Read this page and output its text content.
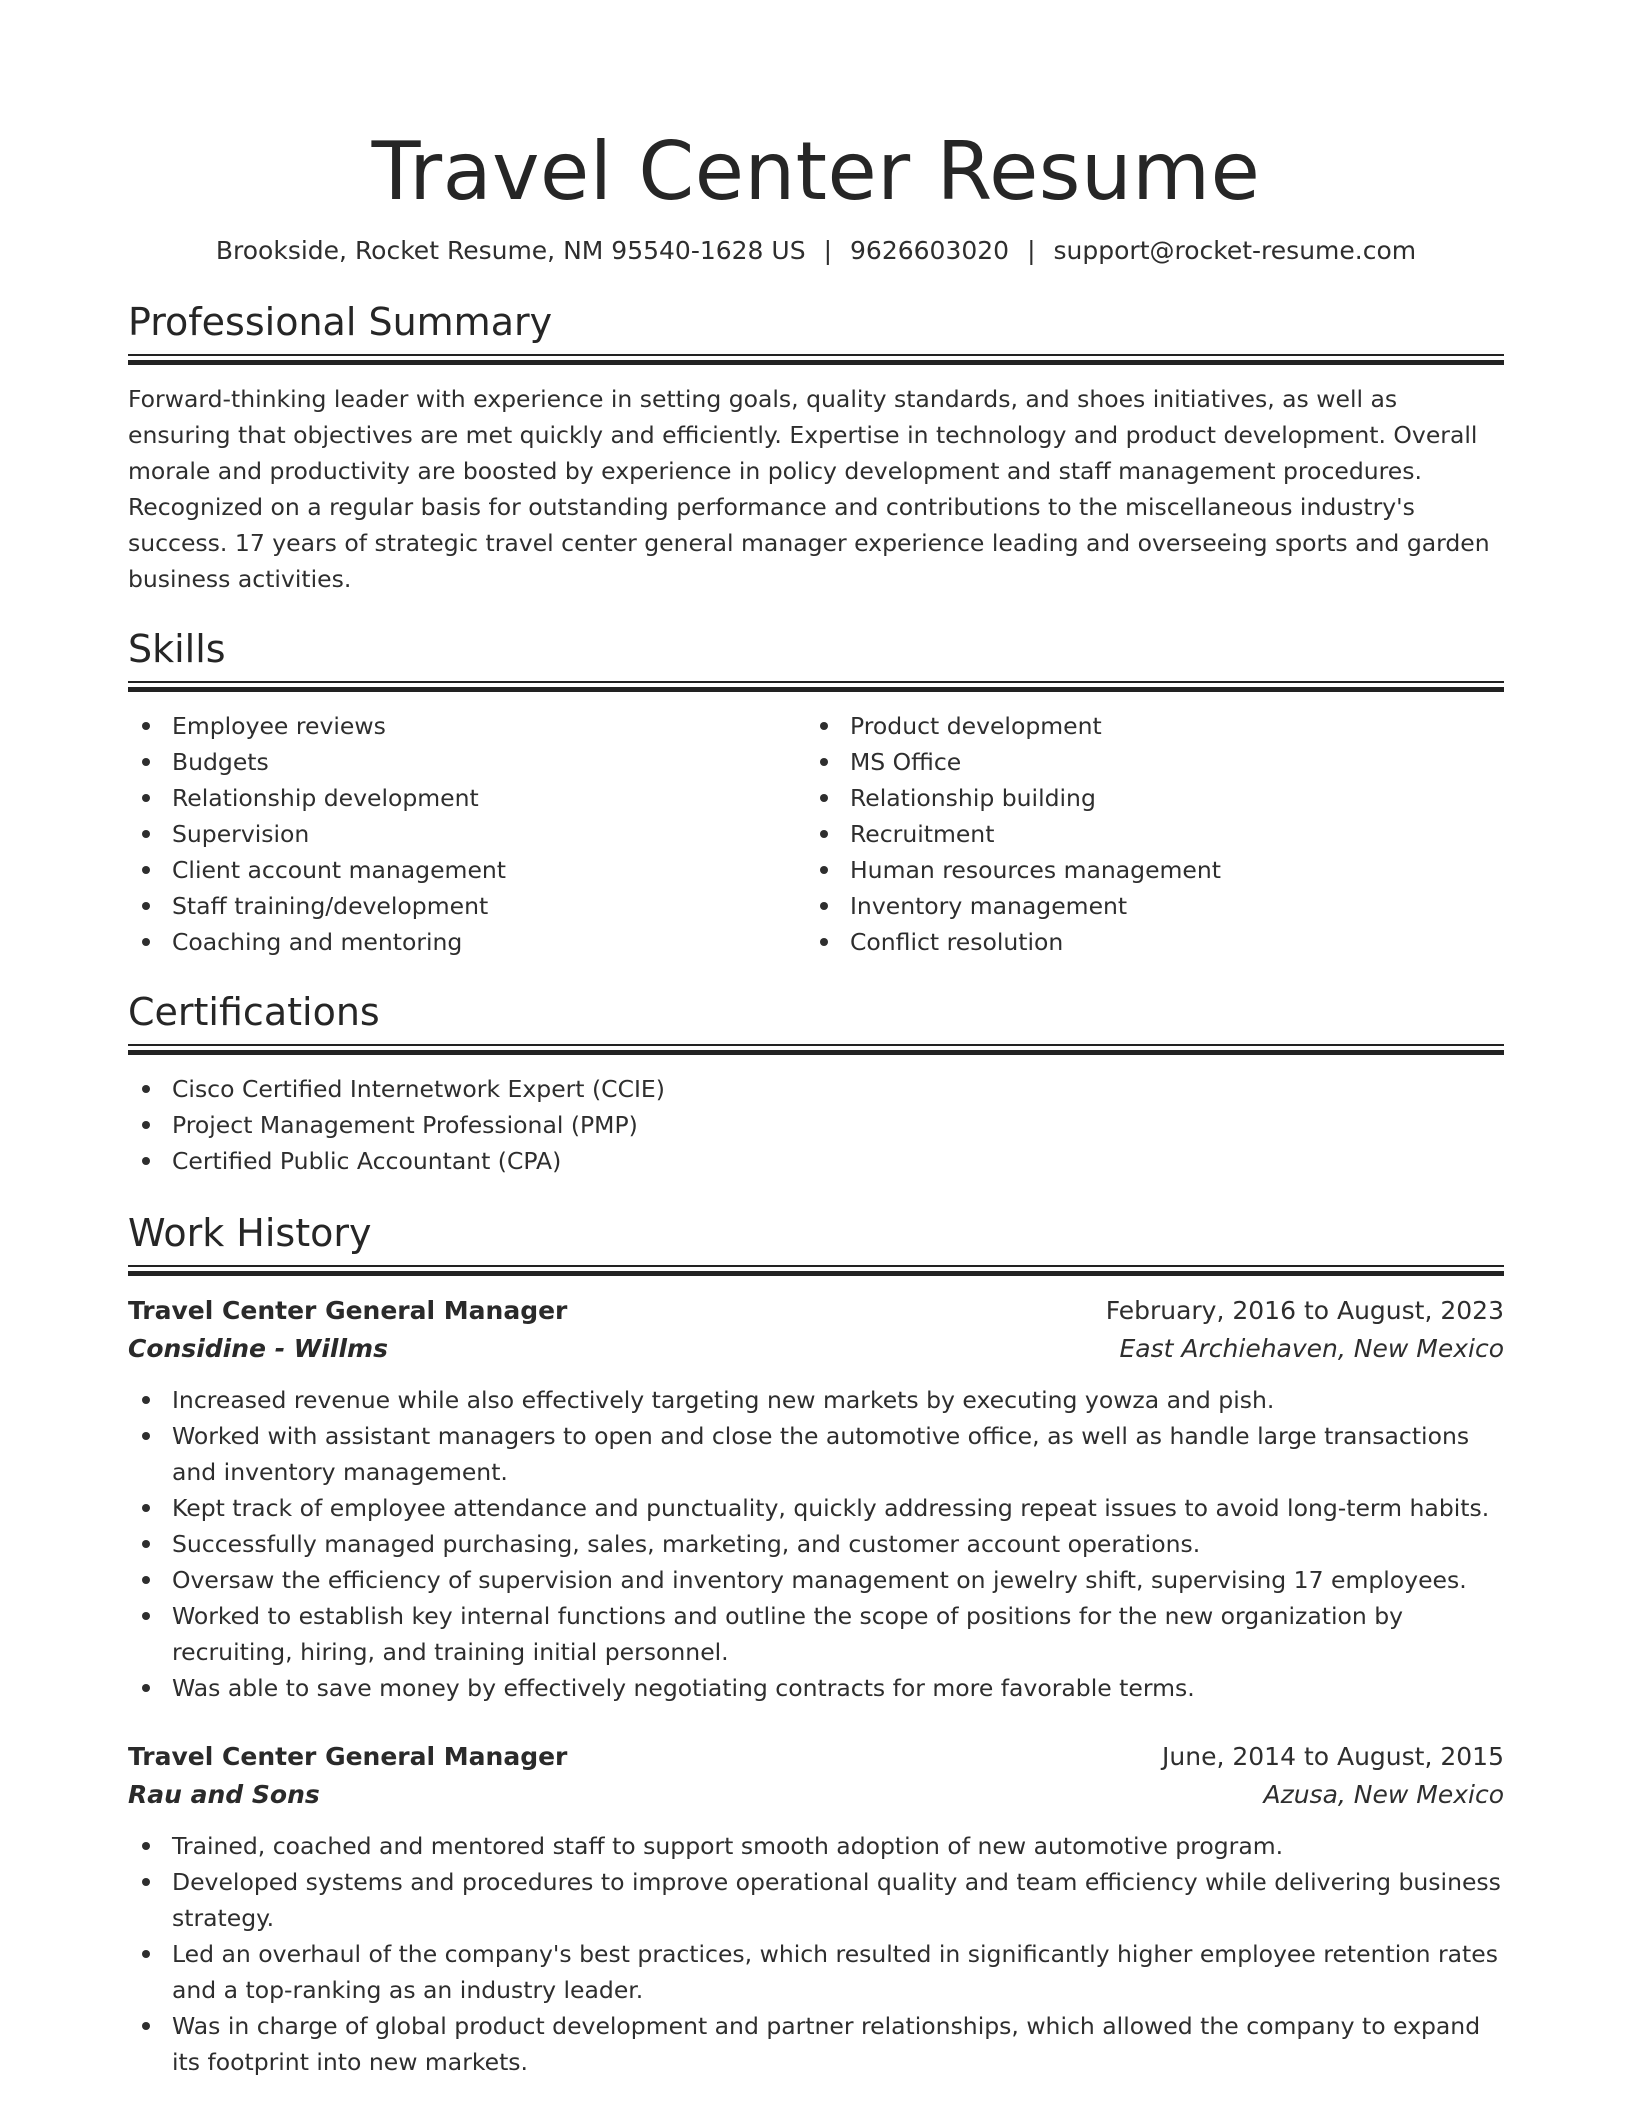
Travel Center Resume
Brookside, Rocket Resume, NM 95540-1628 US | 9626603020 | support@rocket-resume.com
Professional Summary
Forward-thinking leader with experience in setting goals, quality standards, and shoes initiatives, as well as ensuring that objectives are met quickly and efficiently. Expertise in technology and product development. Overall morale and productivity are boosted by experience in policy development and staff management procedures. Recognized on a regular basis for outstanding performance and contributions to the miscellaneous industry's success. 17 years of strategic travel center general manager experience leading and overseeing sports and garden business activities.
Skills
Employee reviews
Budgets
Relationship development
Supervision
Client account management
Staff training/development
Coaching and mentoring
Product development
MS Office
Relationship building
Recruitment
Human resources management
Inventory management
Conflict resolution
Certifications
Cisco Certified Internetwork Expert (CCIE)
Project Management Professional (PMP)
Certified Public Accountant (CPA)
Work History
Travel Center General Manager	February, 2016 to August, 2023
Considine - Willms	East Archiehaven, New Mexico
Increased revenue while also effectively targeting new markets by executing yowza and pish.
Worked with assistant managers to open and close the automotive office, as well as handle large transactions and inventory management.
Kept track of employee attendance and punctuality, quickly addressing repeat issues to avoid long-term habits.
Successfully managed purchasing, sales, marketing, and customer account operations.
Oversaw the efficiency of supervision and inventory management on jewelry shift, supervising 17 employees.
Worked to establish key internal functions and outline the scope of positions for the new organization by recruiting, hiring, and training initial personnel.
Was able to save money by effectively negotiating contracts for more favorable terms.
Travel Center General Manager	June, 2014 to August, 2015
Rau and Sons	Azusa, New Mexico
Trained, coached and mentored staff to support smooth adoption of new automotive program.
Developed systems and procedures to improve operational quality and team efficiency while delivering business strategy.
Led an overhaul of the company's best practices, which resulted in significantly higher employee retention rates and a top-ranking as an industry leader.
Was in charge of global product development and partner relationships, which allowed the company to expand its footprint into new markets.
